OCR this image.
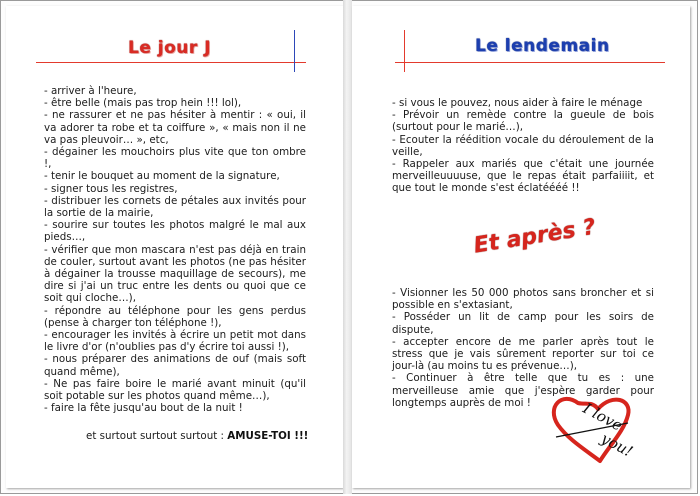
Le jour J

- arriver à l'heure,

- être belle (mais pas trop hein !!! lol),

- ne rassurer et ne pas hésiter à mentir : « oui, il va adorer ta robe et ta coiffure », « mais non il ne va pas pleuvoir… », etc,

- dégainer les mouchoirs plus vite que ton ombre !,

- tenir le bouquet au moment de la signature,

- signer tous les registres,

- distribuer les cornets de pétales aux invités pour la sortie de la mairie,

- sourire sur toutes les photos malgré le mal aux pieds…,

- vérifier que mon mascara n'est pas déjà en train de couler, surtout avant les photos (ne pas hésiter à dégainer la trousse maquillage de secours), me dire si j'ai un truc entre les dents ou quoi que ce soit qui cloche…),

- répondre au téléphone pour les gens perdus (pense à charger ton téléphone !),

- encourager les invités à écrire un petit mot dans le livre d'or (n'oublies pas d'y écrire toi aussi !),

- nous préparer des animations de ouf (mais soft quand même),

- Ne pas faire boire le marié avant minuit (qu'il soit potable sur les photos quand même…),

- faire la fête jusqu'au bout de la nuit !

et surtout surtout surtout : AMUSE-TOI !!!
Le lendemain

- si vous le pouvez, nous aider à faire le ménage

- Prévoir un remède contre la gueule de bois (surtout pour le marié…),

- Ecouter la réédition vocale du déroulement de la veille,

- Rappeler aux mariés que c'était une journée merveilleuuuuse, que le repas était parfaiiiit, et que tout le monde s'est éclatéééé !!

Et après ?

- Visionner les 50 000 photos sans broncher et si possible en s'extasiant,

- Posséder un lit de camp pour les soirs de dispute,

- accepter encore de me parler après tout le stress que je vais sûrement reporter sur toi ce jour-là (au moins tu es prévenue…),

- Continuer à être telle que tu es : une merveilleuse amie que j'espère garder pour longtemps auprès de moi !	I love
you!
